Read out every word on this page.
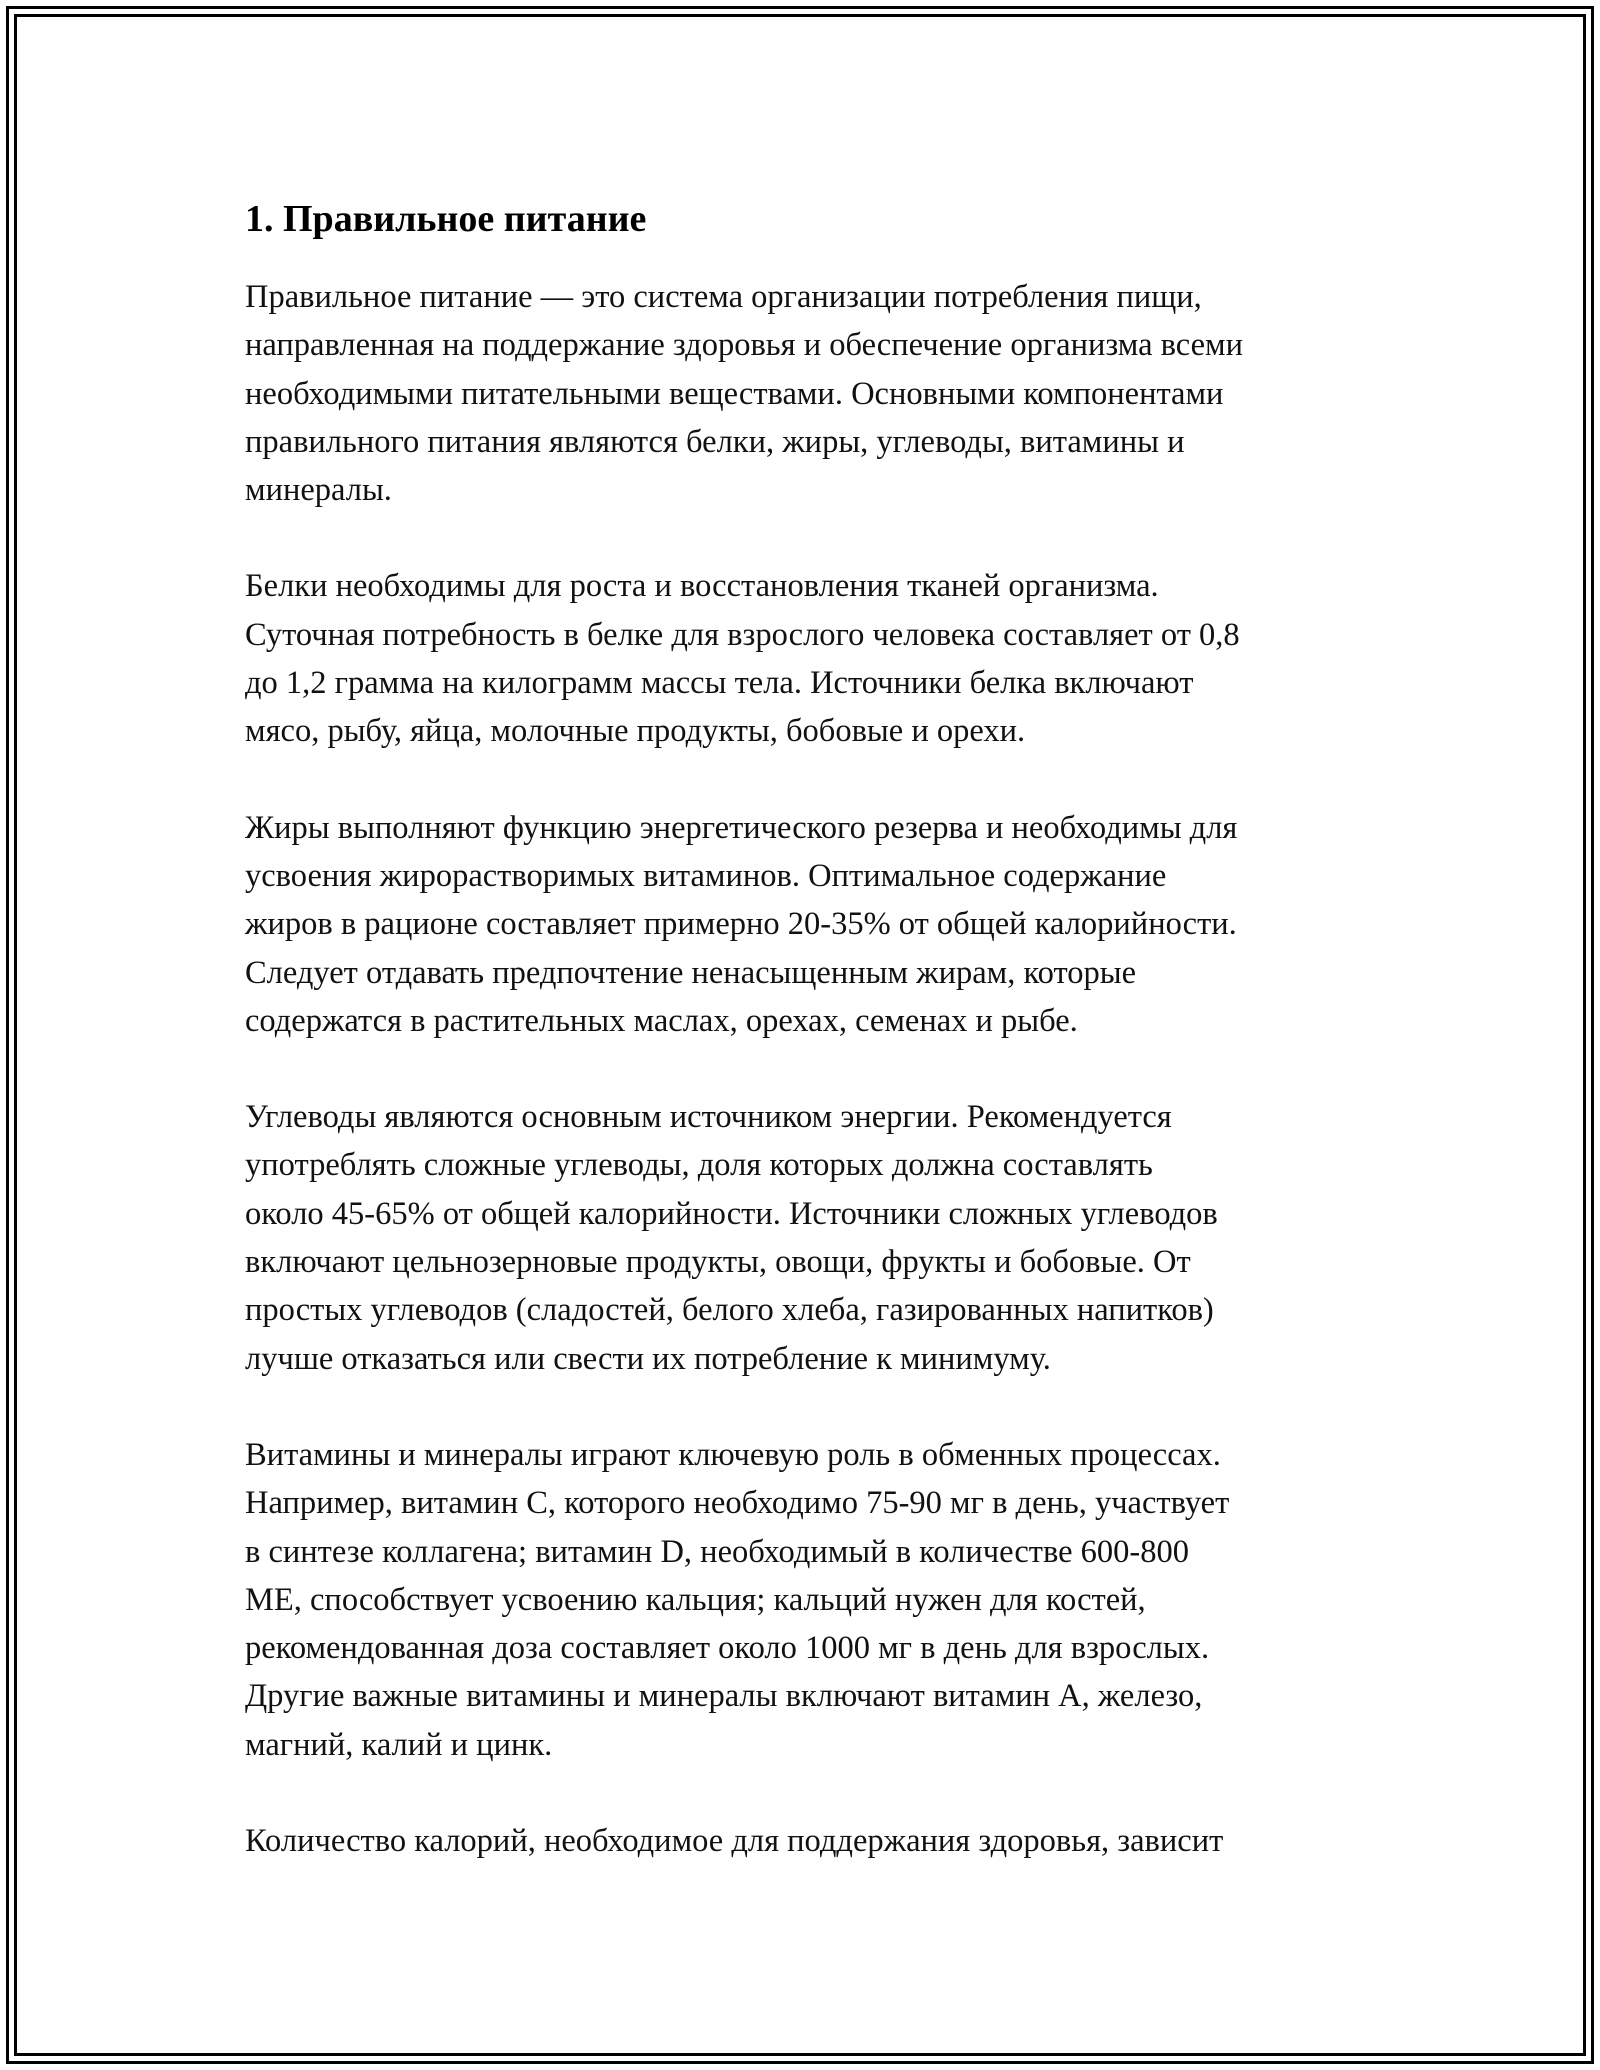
1. Правильное питание

Правильное питание — это система организации потребления пищи,
направленная на поддержание здоровья и обеспечение организма всеми
необходимыми питательными веществами. Основными компонентами
правильного питания являются белки, жиры, углеводы, витамины и
минералы.

Белки необходимы для роста и восстановления тканей организма.
Суточная потребность в белке для взрослого человека составляет от 0,8
до 1,2 грамма на килограмм массы тела. Источники белка включают
мясо, рыбу, яйца, молочные продукты, бобовые и орехи.

Жиры выполняют функцию энергетического резерва и необходимы для
усвоения жирорастворимых витаминов. Оптимальное содержание
жиров в рационе составляет примерно 20-35% от общей калорийности.
Следует отдавать предпочтение ненасыщенным жирам, которые
содержатся в растительных маслах, орехах, семенах и рыбе.

Углеводы являются основным источником энергии. Рекомендуется
употреблять сложные углеводы, доля которых должна составлять
около 45-65% от общей калорийности. Источники сложных углеводов
включают цельнозерновые продукты, овощи, фрукты и бобовые. От
простых углеводов (сладостей, белого хлеба, газированных напитков)
лучше отказаться или свести их потребление к минимуму.

Витамины и минералы играют ключевую роль в обменных процессах.
Например, витамин C, которого необходимо 75-90 мг в день, участвует
в синтезе коллагена; витамин D, необходимый в количестве 600-800
МЕ, способствует усвоению кальция; кальций нужен для костей,
рекомендованная доза составляет около 1000 мг в день для взрослых.
Другие важные витамины и минералы включают витамин A, железо,
магний, калий и цинк.

Количество калорий, необходимое для поддержания здоровья, зависит
